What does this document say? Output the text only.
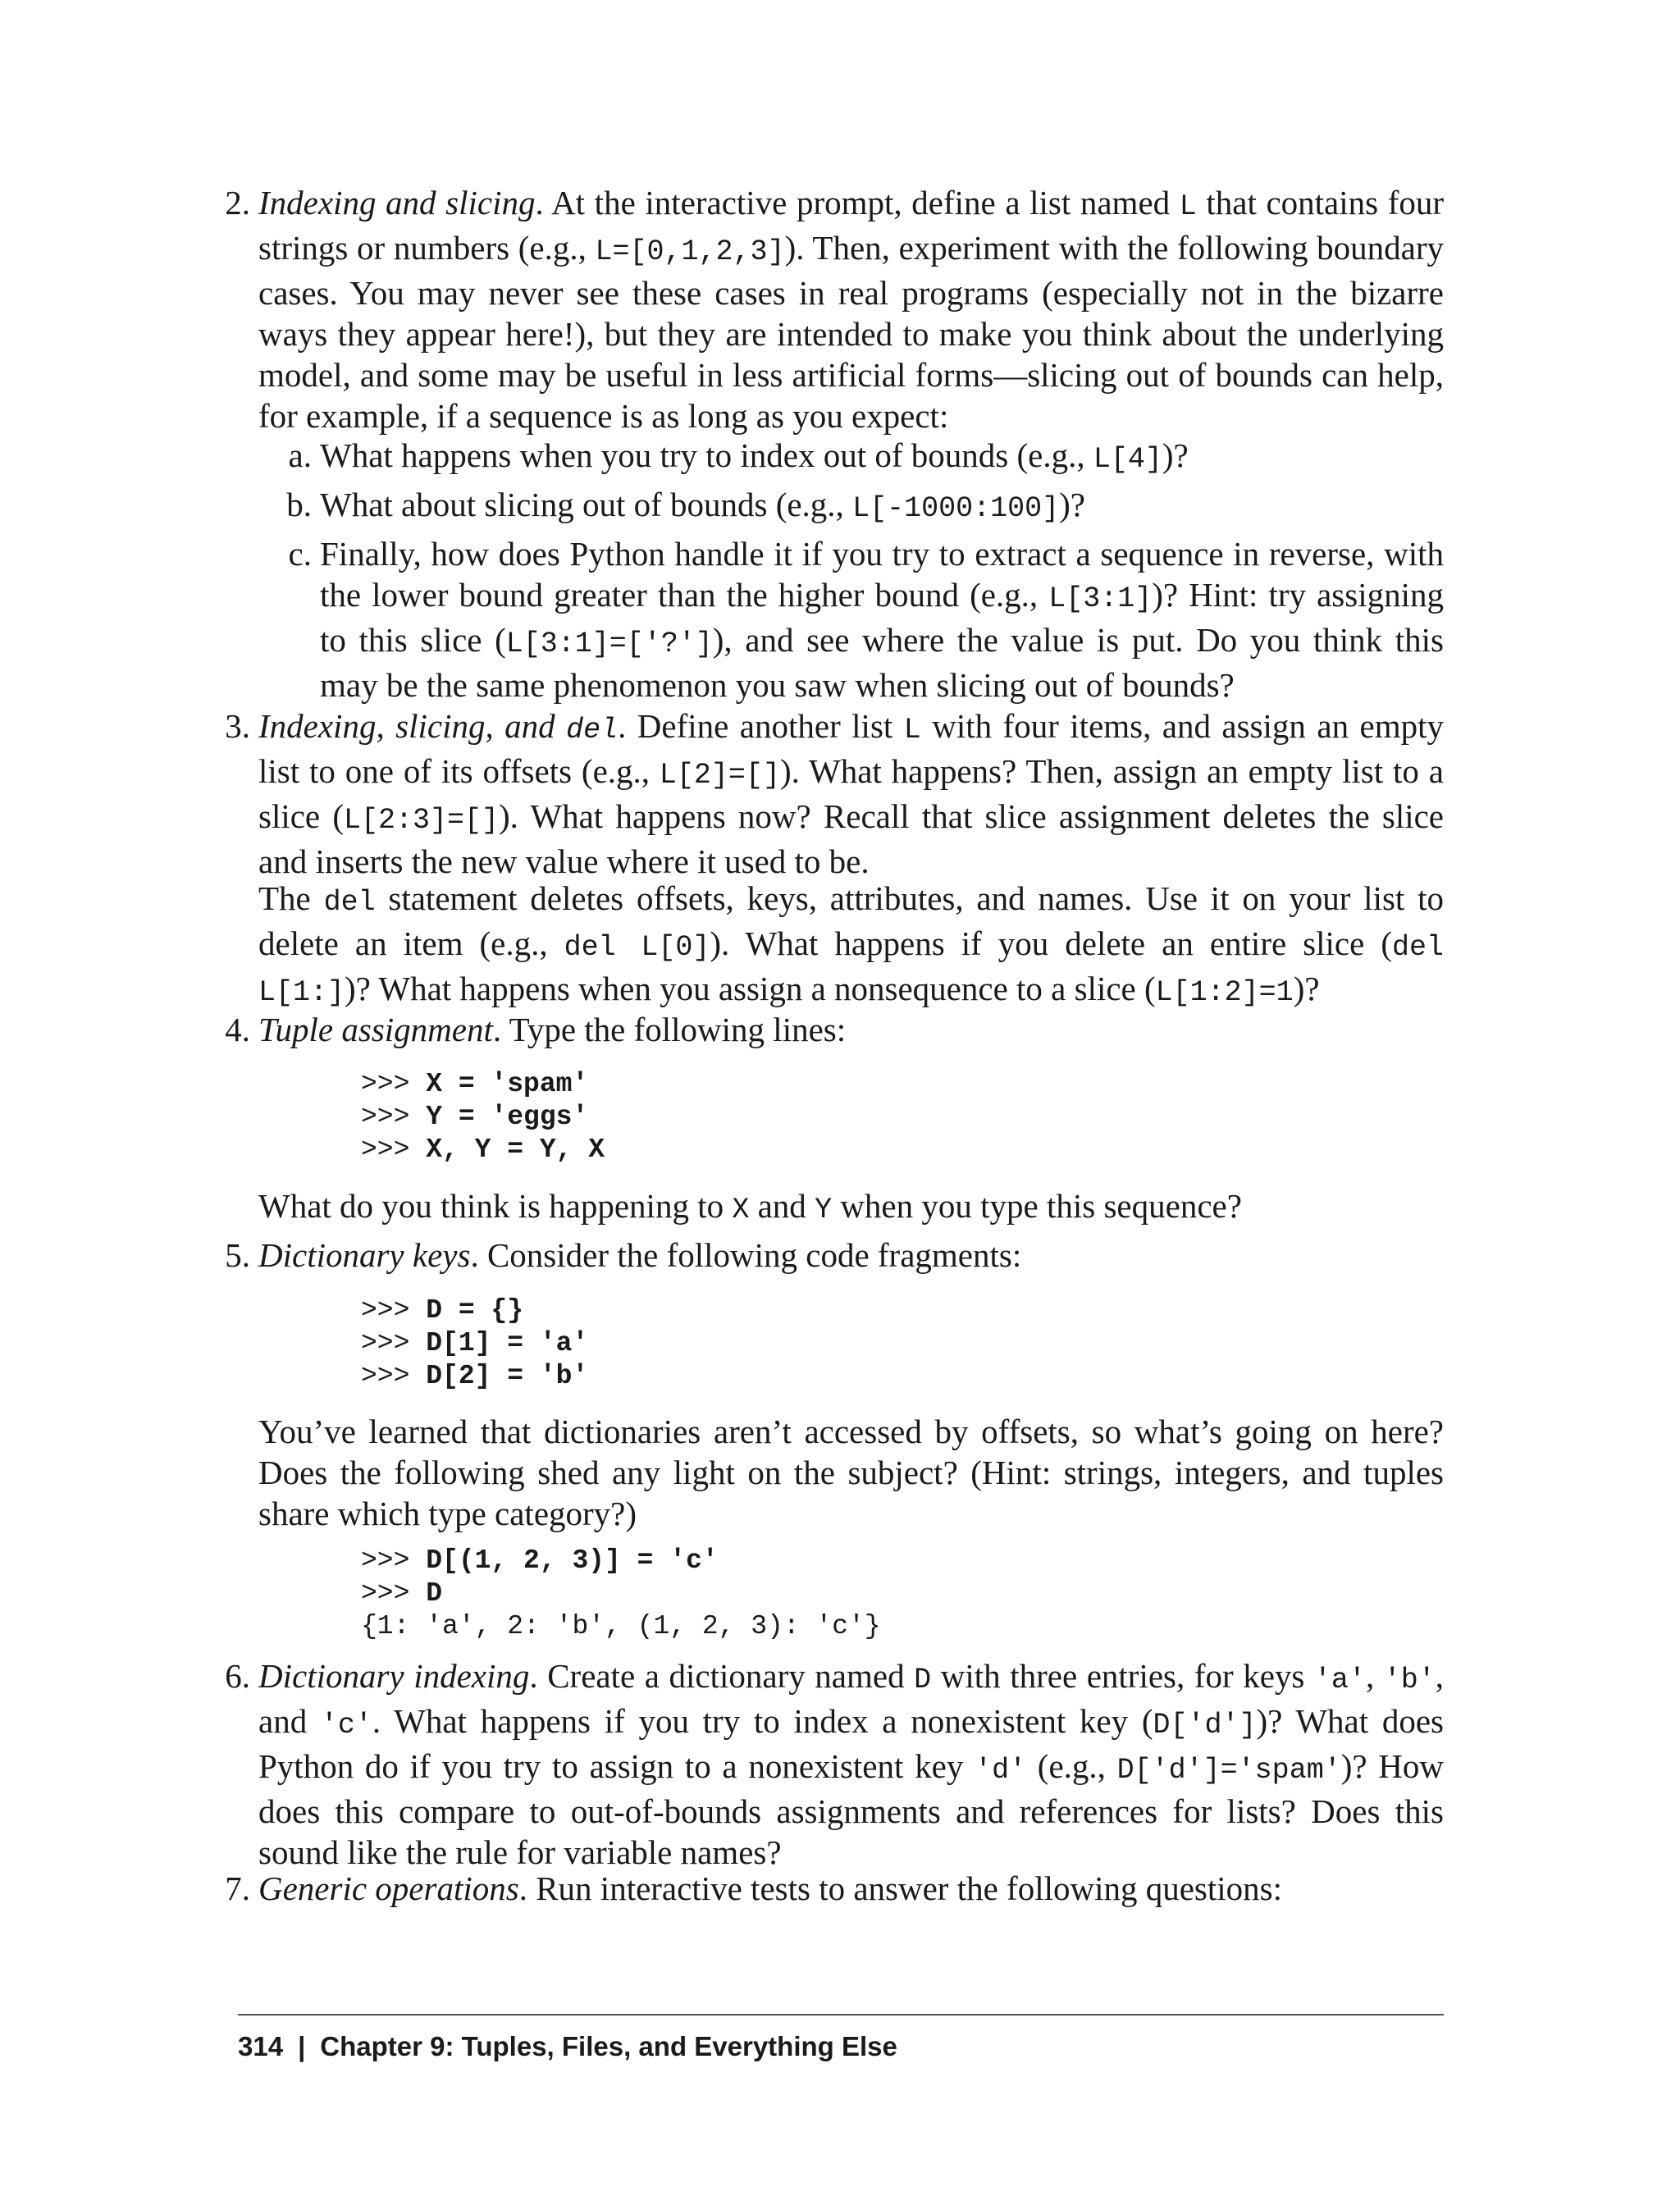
2. Indexing and slicing. At the interactive prompt, define a list named L that contains four strings or numbers (e.g., L=[0,1,2,3]). Then, experiment with the following boundary cases. You may never see these cases in real programs (especially not in the bizarre ways they appear here!), but they are intended to make you think about the underlying model, and some may be useful in less artificial forms—slicing out of bounds can help, for example, if a sequence is as long as you expect:
a. What happens when you try to index out of bounds (e.g., L[4])?
b. What about slicing out of bounds (e.g., L[-1000:100])?
c. Finally, how does Python handle it if you try to extract a sequence in reverse, with the lower bound greater than the higher bound (e.g., L[3:1])? Hint: try assigning to this slice (L[3:1]=['?']), and see where the value is put. Do you think this may be the same phenomenon you saw when slicing out of bounds?
3. Indexing, slicing, and del. Define another list L with four items, and assign an empty list to one of its offsets (e.g., L[2]=[]). What happens? Then, assign an empty list to a slice (L[2:3]=[]). What happens now? Recall that slice assignment deletes the slice and inserts the new value where it used to be.
The del statement deletes offsets, keys, attributes, and names. Use it on your list to delete an item (e.g., del L[0]). What happens if you delete an entire slice (del L[1:])? What happens when you assign a nonsequence to a slice (L[1:2]=1)?
4. Tuple assignment. Type the following lines:
>>> X = 'spam'
>>> Y = 'eggs'
>>> X, Y = Y, X
What do you think is happening to X and Y when you type this sequence?
5. Dictionary keys. Consider the following code fragments:
>>> D = {}
>>> D[1] = 'a'
>>> D[2] = 'b'
You’ve learned that dictionaries aren’t accessed by offsets, so what’s going on here? Does the following shed any light on the subject? (Hint: strings, integers, and tuples share which type category?)
>>> D[(1, 2, 3)] = 'c'
>>> D
{1: 'a', 2: 'b', (1, 2, 3): 'c'}
6. Dictionary indexing. Create a dictionary named D with three entries, for keys 'a', 'b', and 'c'. What happens if you try to index a nonexistent key (D['d'])? What does Python do if you try to assign to a nonexistent key 'd' (e.g., D['d']='spam')? How does this compare to out-of-bounds assignments and references for lists? Does this sound like the rule for variable names?
7. Generic operations. Run interactive tests to answer the following questions:
314 | Chapter 9: Tuples, Files, and Everything Else
